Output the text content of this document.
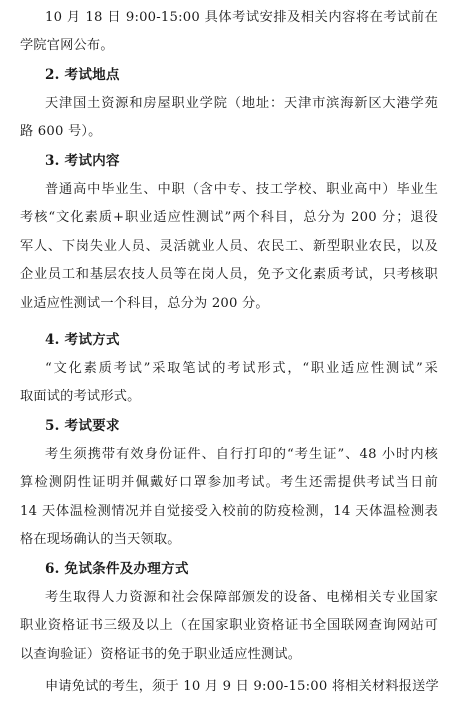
10 月 18 日 9:00-15:00 具体考试安排及相关内容将在考试前在
学院官网公布。
2. 考试地点
天津国土资源和房屋职业学院（地址：天津市滨海新区大港学苑
路 600 号）。
3. 考试内容
普通高中毕业生、中职（含中专、技工学校、职业高中）毕业生
考核“文化素质+职业适应性测试”两个科目，总分为 200 分；退役
军人、下岗失业人员、灵活就业人员、农民工、新型职业农民，以及
企业员工和基层农技人员等在岗人员，免予文化素质考试，只考核职
业适应性测试一个科目，总分为 200 分。
4. 考试方式
“文化素质考试”采取笔试的考试形式，“职业适应性测试”采
取面试的考试形式。
5. 考试要求
考生须携带有效身份证件、自行打印的“考生证”、48 小时内核
算检测阴性证明并佩戴好口罩参加考试。考生还需提供考试当日前
14 天体温检测情况并自觉接受入校前的防疫检测，14 天体温检测表
格在现场确认的当天领取。
6. 免试条件及办理方式
考生取得人力资源和社会保障部颁发的设备、电梯相关专业国家
职业资格证书三级及以上（在国家职业资格证书全国联网查询网站可
以查询验证）资格证书的免于职业适应性测试。
申请免试的考生，须于 10 月 9 日 9:00-15:00 将相关材料报送学
